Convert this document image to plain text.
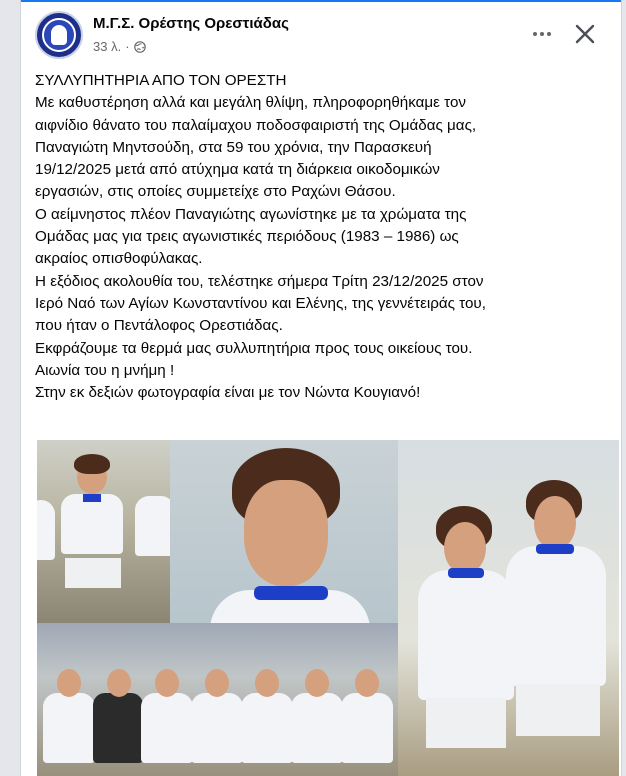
Μ.Γ.Σ. Ορέστης Ορεστιάδας
33 λ. ·
ΣΥΛΛΥΠΗΤΗΡΙΑ ΑΠΟ ΤΟΝ ΟΡΕΣΤΗ
Με καθυστέρηση αλλά και μεγάλη θλίψη, πληροφορηθήκαμε τον
αιφνίδιο θάνατο του παλαίμαχου ποδοσφαιριστή της Ομάδας μας,
Παναγιώτη Μηντσούδη, στα 59 του χρόνια, την Παρασκευή
19/12/2025 μετά από ατύχημα κατά τη διάρκεια οικοδομικών
εργασιών, στις οποίες συμμετείχε στο Ραχώνι Θάσου.
Ο αείμνηστος πλέον Παναγιώτης αγωνίστηκε με τα χρώματα της
Ομάδας μας για τρεις αγωνιστικές περιόδους (1983 – 1986) ως
ακραίος οπισθοφύλακας.
Η εξόδιος ακολουθία του, τελέστηκε σήμερα Τρίτη 23/12/2025 στον
Ιερό Ναό των Αγίων Κωνσταντίνου και Ελένης, της γεννέτειράς του,
που ήταν ο Πεντάλοφος Ορεστιάδας.
Εκφράζουμε τα θερμά μας συλλυπητήρια προς τους οικείους του.
Αιωνία του η μνήμη !
Στην εκ δεξιών φωτογραφία είναι με τον Νώντα Κουγιανό!
